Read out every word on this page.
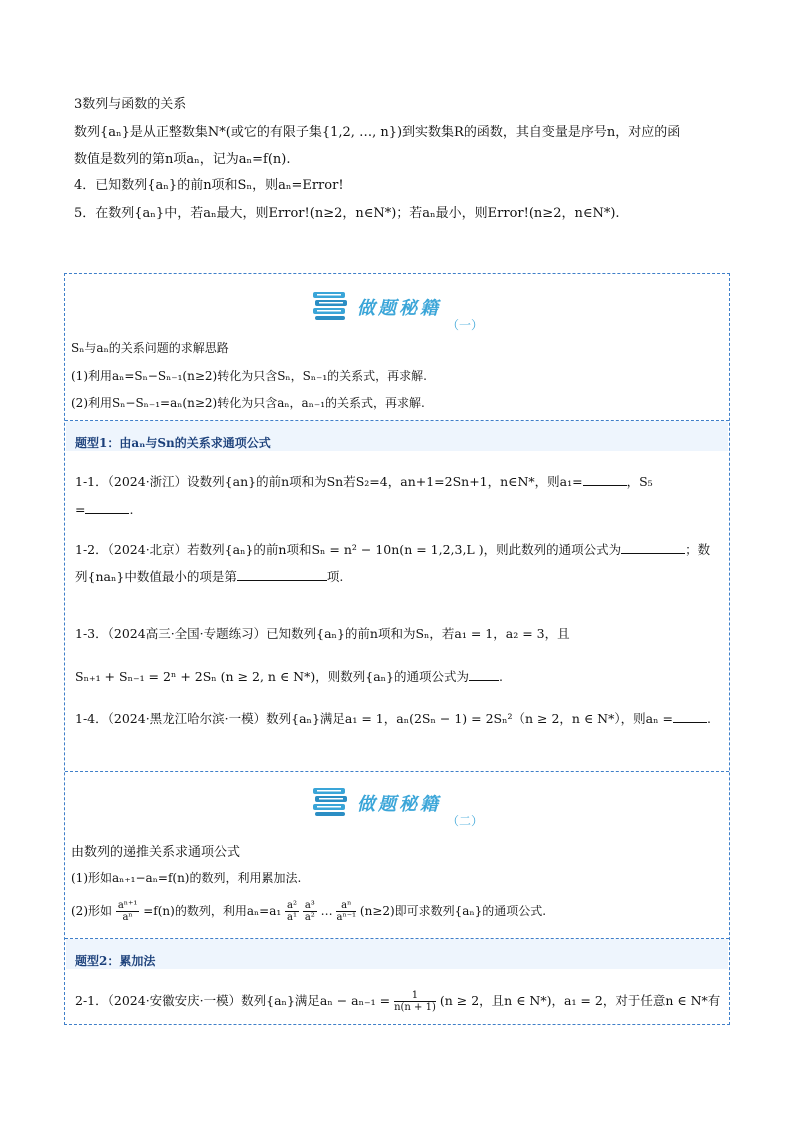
3数列与函数的关系
数列{aₙ}是从正整数集N*(或它的有限子集{1,2, …, n})到实数集R的函数，其自变量是序号n，对应的函
数值是数列的第n项aₙ，记为aₙ=f(n).
4．已知数列{aₙ}的前n项和Sₙ，则aₙ=Error!
5．在数列{aₙ}中，若aₙ最大，则Error!(n≥2，n∈N*)；若aₙ最小，则Error!(n≥2，n∈N*).
做题秘籍
（一）
Sₙ与aₙ的关系问题的求解思路
(1)利用aₙ=Sₙ−Sₙ₋₁(n≥2)转化为只含Sₙ，Sₙ₋₁的关系式，再求解.
(2)利用Sₙ−Sₙ₋₁=aₙ(n≥2)转化为只含aₙ，aₙ₋₁的关系式，再求解.
题型1：由aₙ与Sn的关系求通项公式
1-1．（2024·浙江）设数列{an}的前n项和为Sn若S₂=4，an+1=2Sn+1，n∈N*，则a₁=	，S₅
=	.
1-2．（2024·北京）若数列{aₙ}的前n项和Sₙ = n² − 10n(n = 1,2,3,L )，则此数列的通项公式为	；数
列{naₙ}中数值最小的项是第	项.
1-3．（2024高三·全国·专题练习）已知数列{aₙ}的前n项和为Sₙ，若a₁ = 1，a₂ = 3，且
Sₙ₊₁ + Sₙ₋₁ = 2ⁿ + 2Sₙ (n ≥ 2, n ∈ N*)，则数列{aₙ}的通项公式为 .
1-4．（2024·黑龙江哈尔滨·一模）数列{aₙ}满足a₁ = 1，aₙ(2Sₙ − 1) = 2Sₙ²（n ≥ 2，n ∈ N*），则aₙ =	.
做题秘籍
（二）
由数列的递推关系求通项公式
(1)形如aₙ₊₁−aₙ=f(n)的数列，利用累加法.
(2)形如 $\frac{\text{aⁿ⁺¹}}{\text{aⁿ}} =f(n)$的数列，利用$a_n=a_1 \frac{\text{a²}}{\text{a¹}}$
$\frac{\text{a³}}{\text{a²}}$ … $\frac{\text{aⁿ}}{\text{aⁿ⁻¹}} (n\ge 2)$即可求数列{aₙ}的通项公式.
题型2：累加法
2-1．（2024·安徽安庆·一模）数列{aₙ}满足$a_n - a_{n-1} = \frac{1}{n(n + 1)} (n \ge 2$，且n ∈ N*)，a₁ = 2，对于任意n ∈ N*有
